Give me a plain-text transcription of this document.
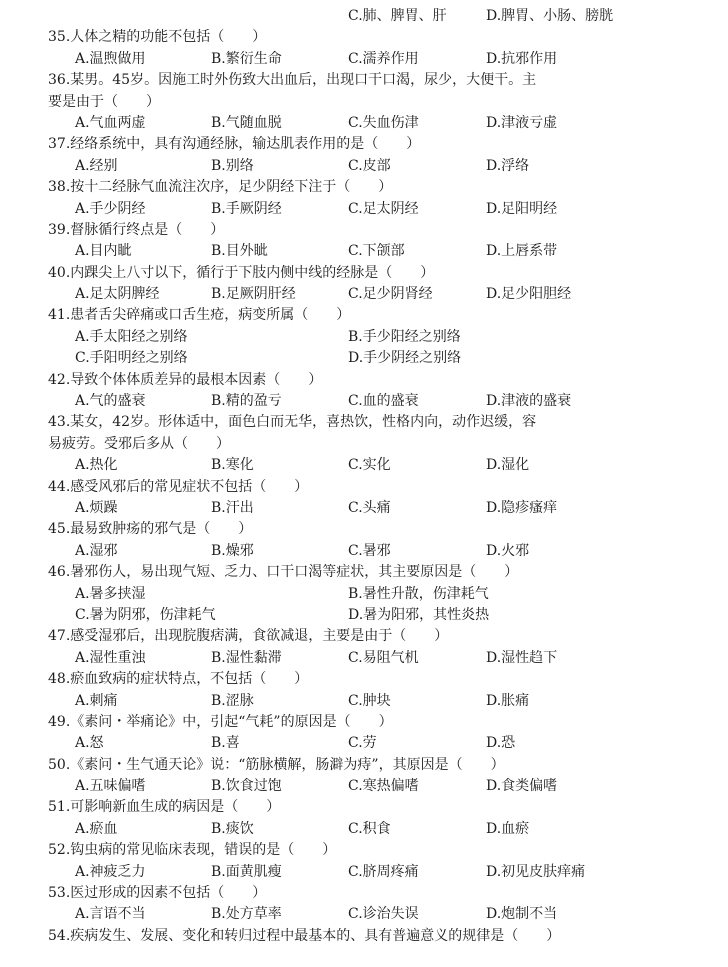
C.肺、脾胃、肝	D.脾胃、小肠、膀胱
35.人体之精的功能不包括（　　）
A.温煦做用	B.繁衍生命	C.濡养作用	D.抗邪作用
36.某男。45岁。因施工时外伤致大出血后，出现口干口渴，尿少，大便干。主
要是由于（　　）
A.气血两虚	B.气随血脱	C.失血伤津	D.津液亏虚
37.经络系统中，具有沟通经脉，输达肌表作用的是（　　）
A.经别	B.别络	C.皮部	D.浮络
38.按十二经脉气血流注次序，足少阴经下注于（　　）
A.手少阴经	B.手厥阴经	C.足太阴经	D.足阳明经
39.督脉循行终点是（　　）
A.目内眦	B.目外眦	C.下颌部	D.上唇系带
40.内踝尖上八寸以下，循行于下肢内侧中线的经脉是（　　）
A.足太阴脾经	B.足厥阴肝经	C.足少阴肾经	D.足少阳胆经
41.患者舌尖碎痛或口舌生疮，病变所属（　　）
A.手太阳经之别络	B.手少阳经之别络
C.手阳明经之别络	D.手少阴经之别络
42.导致个体体质差异的最根本因素（　　）
A.气的盛衰	B.精的盈亏	C.血的盛衰	D.津液的盛衰
43.某女，42岁。形体适中，面色白而无华，喜热饮，性格内向，动作迟缓，容
易疲劳。受邪后多从（　　）
A.热化	B.寒化	C.实化	D.湿化
44.感受风邪后的常见症状不包括（　　）
A.烦躁	B.汗出	C.头痛	D.隐疹瘙痒
45.最易致肿疡的邪气是（　　）
A.湿邪	B.燥邪	C.暑邪	D.火邪
46.暑邪伤人，易出现气短、乏力、口干口渴等症状，其主要原因是（　　）
A.暑多挟湿	B.暑性升散，伤津耗气
C.暑为阴邪，伤津耗气	D.暑为阳邪，其性炎热
47.感受湿邪后，出现脘腹痞满，食欲减退，主要是由于（　　）
A.湿性重浊	B.湿性黏滞	C.易阻气机	D.湿性趋下
48.瘀血致病的症状特点，不包括（　　）
A.刺痛	B.涩脉	C.肿块	D.胀痛
49.《素问・举痛论》中，引起“气耗”的原因是（　　）
A.怒	B.喜	C.劳	D.恐
50.《素问・生气通天论》说：“筋脉横解，肠澼为痔”，其原因是（　　）
A.五味偏嗜	B.饮食过饱	C.寒热偏嗜	D.食类偏嗜
51.可影响新血生成的病因是（　　）
A.瘀血	B.痰饮	C.积食	D.血瘀
52.钩虫病的常见临床表现，错误的是（　　）
A.神疲乏力	B.面黄肌瘦	C.脐周疼痛	D.初见皮肤痒痛
53.医过形成的因素不包括（　　）
A.言语不当	B.处方草率	C.诊治失误	D.炮制不当
54.疾病发生、发展、变化和转归过程中最基本的、具有普遍意义的规律是（　　）
